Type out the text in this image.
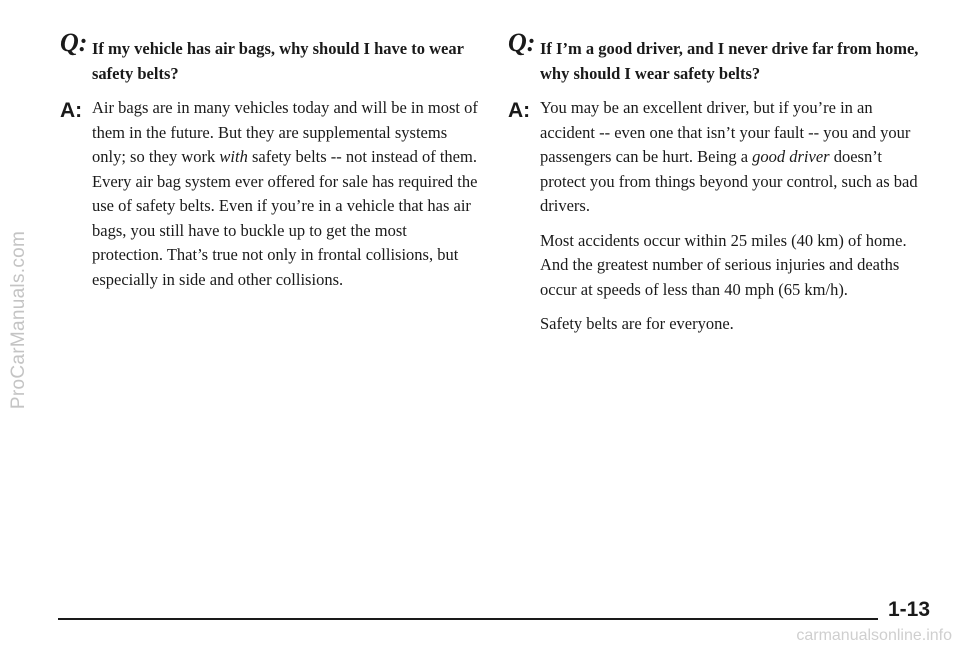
ProCarManuals.com
Q: If my vehicle has air bags, why should I have to wear safety belts?
A: Air bags are in many vehicles today and will be in most of them in the future. But they are supplemental systems only; so they work with safety belts -- not instead of them. Every air bag system ever offered for sale has required the use of safety belts. Even if you’re in a vehicle that has air bags, you still have to buckle up to get the most protection. That’s true not only in frontal collisions, but especially in side and other collisions.

Q: If I’m a good driver, and I never drive far from home, why should I wear safety belts?
A: You may be an excellent driver, but if you’re in an accident -- even one that isn’t your fault -- you and your passengers can be hurt. Being a good driver doesn’t protect you from things beyond your control, such as bad drivers.

Most accidents occur within 25 miles (40 km) of home. And the greatest number of serious injuries and deaths occur at speeds of less than 40 mph (65 km/h).

Safety belts are for everyone.

1-13
carmanualsonline.info
